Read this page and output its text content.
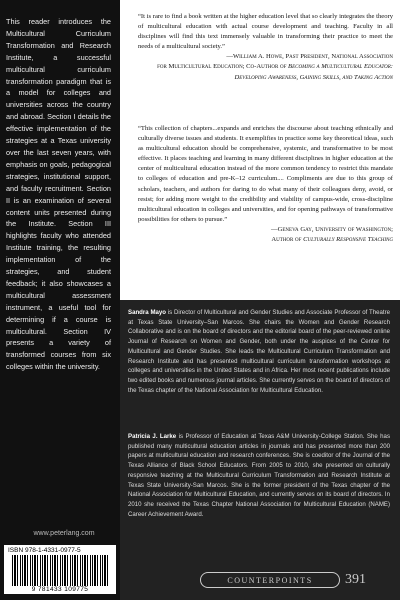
This reader introduces the Multicultural Curriculum Transformation and Research Institute, a successful multicultural curriculum transformation paradigm that is a model for colleges and universities across the country and abroad. Section I details the effective implementation of the strategies at a Texas university over the last seven years, with emphasis on goals, pedagogical strategies, institutional support, and faculty recruitment. Section II is an examination of several content units presented during the Institute. Section III highlights faculty who attended Institute training, the resulting implementation of the strategies, and student feedback; it also showcases a multicultural assessment instrument, a useful tool for determining if a course is multicultural. Section IV presents a variety of transformed courses from six colleges within the university.
www.peterlang.com
ISBN 978-1-4331-0977-5
9 781433 109775
“It is rare to find a book written at the higher education level that so clearly integrates the theory of multicultural education with actual course development and teaching. Faculty in all disciplines will find this text immensely valuable in transforming their practice to meet the needs of a multicultural society.”
—William A. Howe, Past President, National Association
for Multicultural Education; Co-Author of Becoming a Multicultural Educator: Developing Awareness, Gaining Skills, and Taking Action
“This collection of chapters...expands and enriches the discourse about teaching ethnically and culturally diverse issues and students. It exemplifies in practice some key theoretical ideas, such as multicultural education should be comprehensive, systemic, and transformative to be most effective. It places teaching and learning in many different disciplines in higher education at the center of multicultural education instead of the more common tendency to restrict this mandate to colleges of education and pre-K–12 curriculum.... Compliments are due to this group of scholars, teachers, and authors for daring to do what many of their colleagues deny, avoid, or resist; for adding more weight to the credibility and viability of campus-wide, cross-discipline multicultural education in colleges and universities, and for opening pathways of transformative possibilities for others to pursue.”
—Geneva Gay, University of Washington;
Author of Culturally Responsive Teaching
Sandra Mayo is Director of Multicultural and Gender Studies and Associate Professor of Theatre at Texas State University–San Marcos. She chairs the Women and Gender Research Collaborative and is on the board of directors and the editorial board of the peer-reviewed online Journal of Research on Women and Gender, both under the auspices of the Center for Multicultural and Gender Studies. She leads the Multicultural Curriculum Transformation and Research Institute and has presented multicultural curriculum transformation workshops at colleges and universities in the United States and in Africa. Her most recent publications include two edited books and numerous journal articles. She currently serves on the board of directors of the Texas chapter of the National Association for Multicultural Education.
Patricia J. Larke is Professor of Education at Texas A&M University-College Station. She has published many multicultural education articles in journals and has presented more than 200 papers at multicultural education and research conferences. She is coeditor of the Journal of the Texas Alliance of Black School Educators. From 2005 to 2010, she presented on culturally responsive teaching at the Multicultural Curriculum Transformation and Research Institute at Texas State University-San Marcos. She is the former president of the Texas chapter of the National Association for Multicultural Education, and currently serves on its board of directors. In 2010 she received the Texas Chapter National Association for Multicultural Education (NAME) Career Achievement Award.
COUNTERPOINTS	391
